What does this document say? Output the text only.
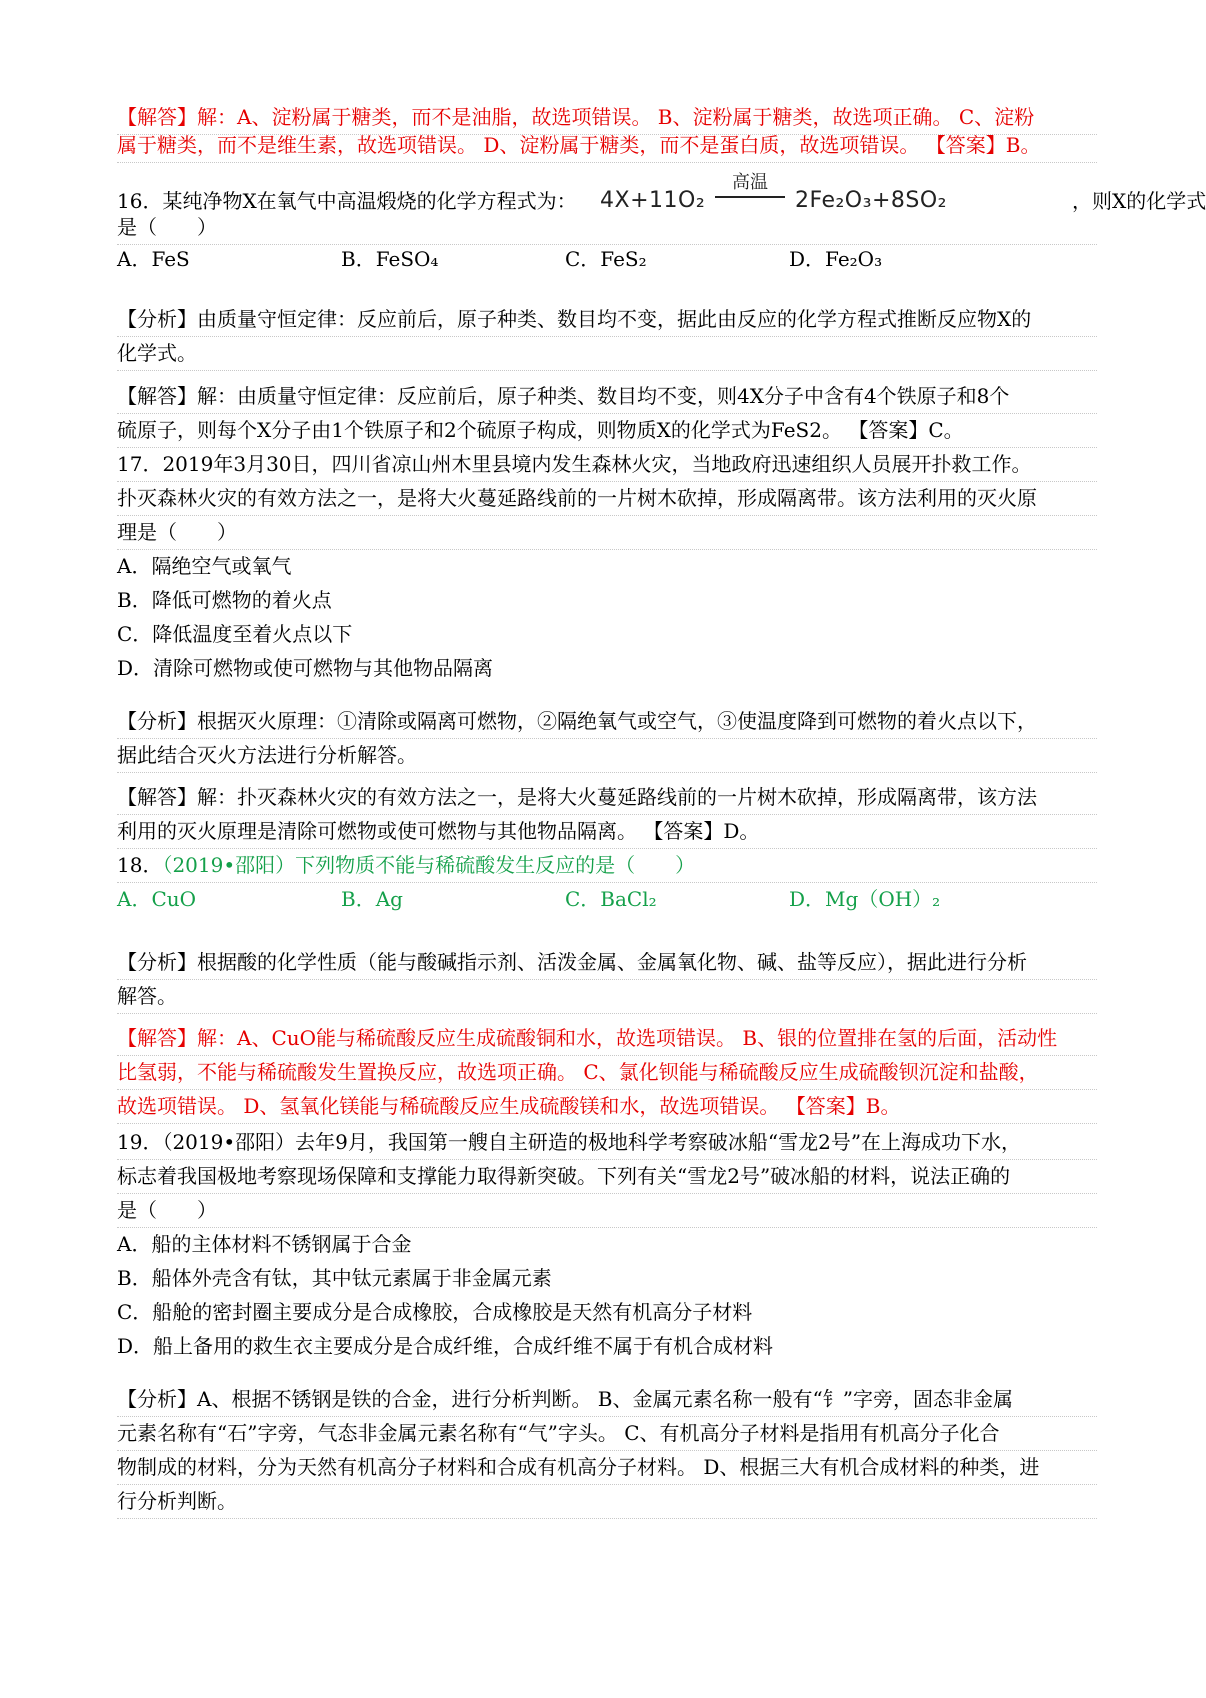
【解答】解：A、淀粉属于糖类，而不是油脂，故选项错误。 B、淀粉属于糖类，故选项正确。 C、淀粉
属于糖类，而不是维生素，故选项错误。 D、淀粉属于糖类，而不是蛋白质，故选项错误。 【答案】B。
16．某纯净物X在氧气中高温煅烧的化学方程式为：	，则X的化学式
4X+11O₂
高温
2Fe₂O₃+8SO₂
是（　　）
A．FeS	B．FeSO₄	C．FeS₂	D．Fe₂O₃
【分析】由质量守恒定律：反应前后，原子种类、数目均不变，据此由反应的化学方程式推断反应物X的
化学式。
【解答】解：由质量守恒定律：反应前后，原子种类、数目均不变，则4X分子中含有4个铁原子和8个
硫原子，则每个X分子由1个铁原子和2个硫原子构成，则物质X的化学式为FeS2。 【答案】C。
17．2019年3月30日，四川省凉山州木里县境内发生森林火灾，当地政府迅速组织人员展开扑救工作。
扑灭森林火灾的有效方法之一，是将大火蔓延路线前的一片树木砍掉，形成隔离带。该方法利用的灭火原
理是（　　）
A．隔绝空气或氧气
B．降低可燃物的着火点
C．降低温度至着火点以下
D．清除可燃物或使可燃物与其他物品隔离
【分析】根据灭火原理：①清除或隔离可燃物，②隔绝氧气或空气，③使温度降到可燃物的着火点以下，
据此结合灭火方法进行分析解答。
【解答】解：扑灭森林火灾的有效方法之一，是将大火蔓延路线前的一片树木砍掉，形成隔离带，该方法
利用的灭火原理是清除可燃物或使可燃物与其他物品隔离。 【答案】D。
18．（2019•邵阳）下列物质不能与稀硫酸发生反应的是（　　）
A．CuO	B．Ag	C．BaCl₂	D．Mg（OH）₂
【分析】根据酸的化学性质（能与酸碱指示剂、活泼金属、金属氧化物、碱、盐等反应），据此进行分析
解答。
【解答】解：A、CuO能与稀硫酸反应生成硫酸铜和水，故选项错误。 B、银的位置排在氢的后面，活动性
比氢弱，不能与稀硫酸发生置换反应，故选项正确。 C、氯化钡能与稀硫酸反应生成硫酸钡沉淀和盐酸，
故选项错误。 D、氢氧化镁能与稀硫酸反应生成硫酸镁和水，故选项错误。 【答案】B。
19．（2019•邵阳）去年9月，我国第一艘自主研造的极地科学考察破冰船“雪龙2号”在上海成功下水，
标志着我国极地考察现场保障和支撑能力取得新突破。下列有关“雪龙2号”破冰船的材料，说法正确的
是（　　）
A．船的主体材料不锈钢属于合金
B．船体外壳含有钛，其中钛元素属于非金属元素
C．船舱的密封圈主要成分是合成橡胶，合成橡胶是天然有机高分子材料
D．船上备用的救生衣主要成分是合成纤维，合成纤维不属于有机合成材料
【分析】A、根据不锈钢是铁的合金，进行分析判断。 B、金属元素名称一般有“钅”字旁，固态非金属
元素名称有“石”字旁，气态非金属元素名称有“气”字头。 C、有机高分子材料是指用有机高分子化合
物制成的材料，分为天然有机高分子材料和合成有机高分子材料。 D、根据三大有机合成材料的种类，进
行分析判断。
